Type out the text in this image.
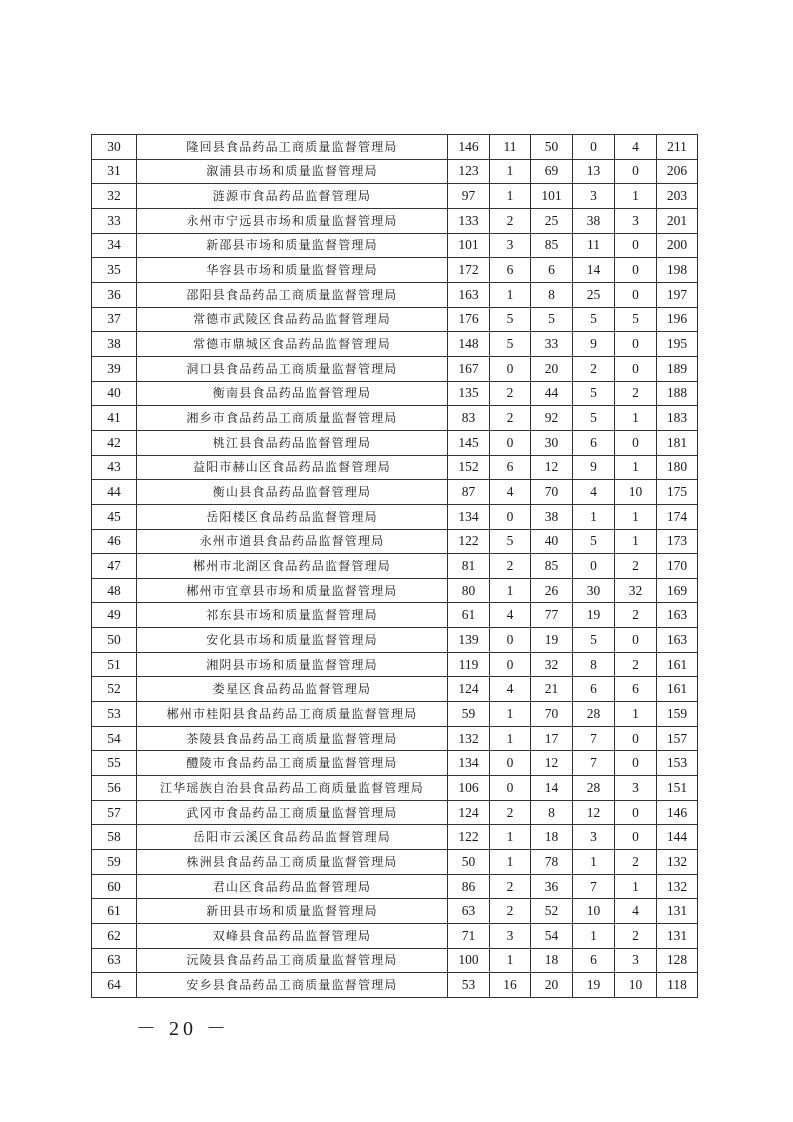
30	隆回县食品药品工商质量监督管理局	146	11	50	0	4	211
31	溆浦县市场和质量监督管理局	123	1	69	13	0	206
32	涟源市食品药品监督管理局	97	1	101	3	1	203
33	永州市宁远县市场和质量监督管理局	133	2	25	38	3	201
34	新邵县市场和质量监督管理局	101	3	85	11	0	200
35	华容县市场和质量监督管理局	172	6	6	14	0	198
36	邵阳县食品药品工商质量监督管理局	163	1	8	25	0	197
37	常德市武陵区食品药品监督管理局	176	5	5	5	5	196
38	常德市鼎城区食品药品监督管理局	148	5	33	9	0	195
39	洞口县食品药品工商质量监督管理局	167	0	20	2	0	189
40	衡南县食品药品监督管理局	135	2	44	5	2	188
41	湘乡市食品药品工商质量监督管理局	83	2	92	5	1	183
42	桃江县食品药品监督管理局	145	0	30	6	0	181
43	益阳市赫山区食品药品监督管理局	152	6	12	9	1	180
44	衡山县食品药品监督管理局	87	4	70	4	10	175
45	岳阳楼区食品药品监督管理局	134	0	38	1	1	174
46	永州市道县食品药品监督管理局	122	5	40	5	1	173
47	郴州市北湖区食品药品监督管理局	81	2	85	0	2	170
48	郴州市宜章县市场和质量监督管理局	80	1	26	30	32	169
49	祁东县市场和质量监督管理局	61	4	77	19	2	163
50	安化县市场和质量监督管理局	139	0	19	5	0	163
51	湘阴县市场和质量监督管理局	119	0	32	8	2	161
52	娄星区食品药品监督管理局	124	4	21	6	6	161
53	郴州市桂阳县食品药品工商质量监督管理局	59	1	70	28	1	159
54	茶陵县食品药品工商质量监督管理局	132	1	17	7	0	157
55	醴陵市食品药品工商质量监督管理局	134	0	12	7	0	153
56	江华瑶族自治县食品药品工商质量监督管理局	106	0	14	28	3	151
57	武冈市食品药品工商质量监督管理局	124	2	8	12	0	146
58	岳阳市云溪区食品药品监督管理局	122	1	18	3	0	144
59	株洲县食品药品工商质量监督管理局	50	1	78	1	2	132
60	君山区食品药品监督管理局	86	2	36	7	1	132
61	新田县市场和质量监督管理局	63	2	52	10	4	131
62	双峰县食品药品监督管理局	71	3	54	1	2	131
63	沅陵县食品药品工商质量监督管理局	100	1	18	6	3	128
64	安乡县食品药品工商质量监督管理局	53	16	20	19	10	118
－ 20 －
